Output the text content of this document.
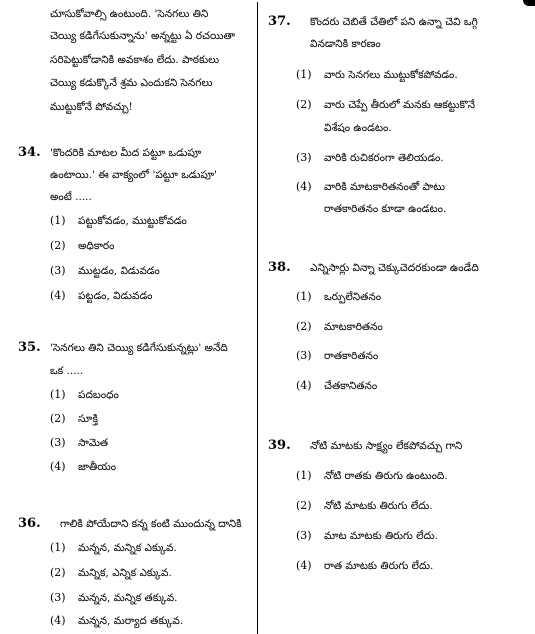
చూసుకోవాల్సి ఉంటుంది. 'సెనగలు తిని
చెయ్యి కడిగేసుకున్నాను' అన్నట్టు ఏ రచయితా
సరిపెట్టుకోడానికి అవకాశం లేదు. పాఠకులు
చెయ్యి కడుక్కొనే శ్రమ ఎందుకని సెనగలు
ముట్టుకోనే పోవచ్చు!
34. 'కొందరికి మాటల మీద పట్టూ ఒడుపూ
ఉంటాయి.' ఈ వాక్యంలో 'పట్టూ ఒడుపూ'
అంటే .....
(1) పట్టుకోవడం, ముట్టుకోవడం
(2) అధికారం
(3) ముట్టడం, విడువడం
(4) పట్టడం, విడువడం
35. 'సెనగలు తిని చెయ్యి కడిగేసుకున్నట్లు' అనేది
ఒక .....
(1) పదబంధం
(2) సూక్తి
(3) సామెత
(4) జాతీయం
36. గాలికి పోయేదాని కన్న కంటి ముందున్న దానికి
(1) మన్నన, మన్నిక ఎక్కువ.
(2) మన్నిక, ఎన్నిక ఎక్కువ.
(3) మన్నన, మన్నిక తక్కువ.
(4) మన్నన, మర్యాద తక్కువ.
37. కొందరు చెబితే చేతిలో పని ఉన్నా చెవి ఒగ్గి
వినడానికి కారణం
(1) వారు సెనగలు ముట్టుకోకపోవడం.
(2) వారు చెప్పే తీరులో మనకు ఆకట్టుకొనే
విశేషం ఉండటం.
(3) వారికి రుచికరంగా తెలియడం.
(4) వారికి మాటకారితనంతో పాటు
రాతకారితనం కూడా ఉండటం.
38. ఎన్నిసార్లు విన్నా చెక్కుచెదరకుండా ఉండేది
(1) ఒర్పులేనితనం
(2) మాటకారితనం
(3) రాతకారితనం
(4) చేతకానితనం
39. నోటి మాటకు సాక్ష్యం లేకపోవచ్చు గాని
(1) నోటి రాతకు తిరుగు ఉంటుంది.
(2) నోటి మాటకు తిరుగు లేదు.
(3) మాట మాటకు తిరుగు లేదు.
(4) రాత మాటకు తిరుగు లేదు.
